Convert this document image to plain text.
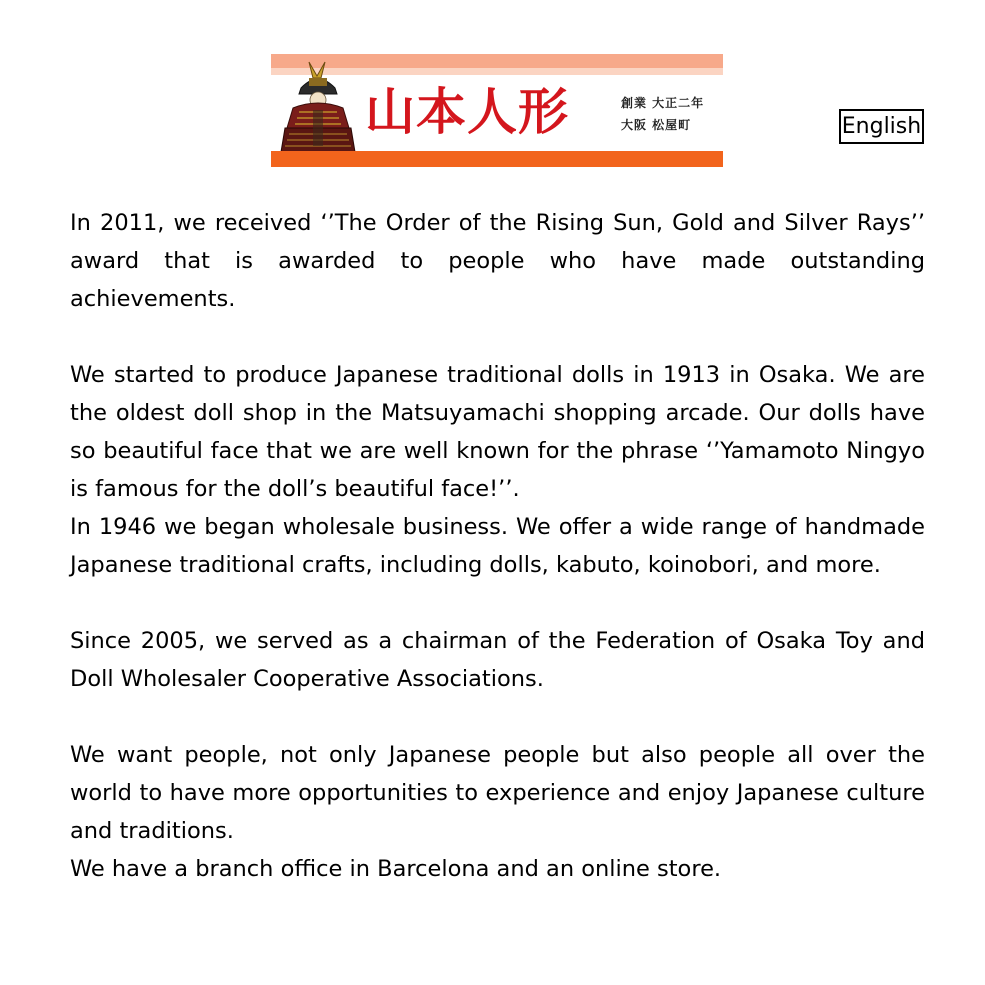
山本人形	創業 大正二年
大阪 松屋町	English

In 2011, we received ‘’The Order of the Rising Sun, Gold and Silver Rays’’ award that is awarded to people who have made outstanding achievements.

We started to produce Japanese traditional dolls in 1913 in Osaka. We are the oldest doll shop in the Matsuyamachi shopping arcade. Our dolls have so beautiful face that we are well known for the phrase ‘’Yamamoto Ningyo is famous for the doll’s beautiful face!’’.

In 1946 we began wholesale business. We offer a wide range of handmade Japanese traditional crafts, including dolls, kabuto, koinobori, and more.

Since 2005, we served as a chairman of the Federation of Osaka Toy and Doll Wholesaler Cooperative Associations.

We want people, not only Japanese people but also people all over the world to have more opportunities to experience and enjoy Japanese culture and traditions.

We have a branch office in Barcelona and an online store.
